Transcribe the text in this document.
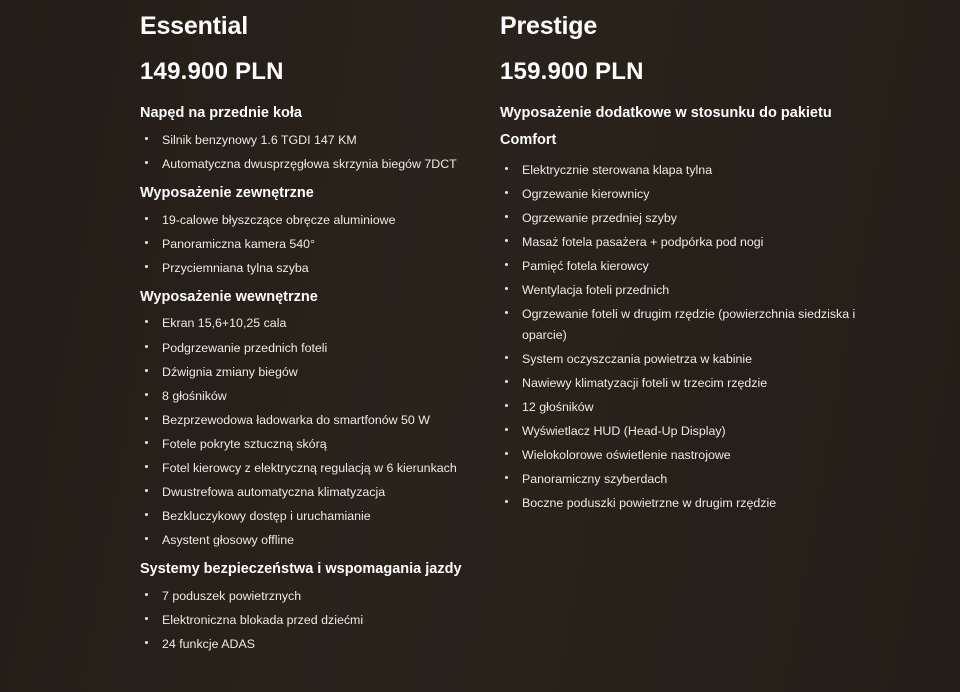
Essential
149.900 PLN
Napęd na przednie koła
Silnik benzynowy 1.6 TGDI 147 KM
Automatyczna dwusprzęgłowa skrzynia biegów 7DCT
Wyposażenie zewnętrzne
19-calowe błyszczące obręcze aluminiowe
Panoramiczna kamera 540°
Przyciemniana tylna szyba
Wyposażenie wewnętrzne
Ekran 15,6+10,25 cala
Podgrzewanie przednich foteli
Dźwignia zmiany biegów
8 głośników
Bezprzewodowa ładowarka do smartfonów 50 W
Fotele pokryte sztuczną skórą
Fotel kierowcy z elektryczną regulacją w 6 kierunkach
Dwustrefowa automatyczna klimatyzacja
Bezkluczykowy dostęp i uruchamianie
Asystent głosowy offline
Systemy bezpieczeństwa i wspomagania jazdy
7 poduszek powietrznych
Elektroniczna blokada przed dziećmi
24 funkcje ADAS
Prestige
159.900 PLN
Wyposażenie dodatkowe w stosunku do pakietu Comfort
Elektrycznie sterowana klapa tylna
Ogrzewanie kierownicy
Ogrzewanie przedniej szyby
Masaż fotela pasażera + podpórka pod nogi
Pamięć fotela kierowcy
Wentylacja foteli przednich
Ogrzewanie foteli w drugim rzędzie (powierzchnia siedziska i oparcie)
System oczyszczania powietrza w kabinie
Nawiewy klimatyzacji foteli w trzecim rzędzie
12 głośników
Wyświetlacz HUD (Head-Up Display)
Wielokolorowe oświetlenie nastrojowe
Panoramiczny szyberdach
Boczne poduszki powietrzne w drugim rzędzie
